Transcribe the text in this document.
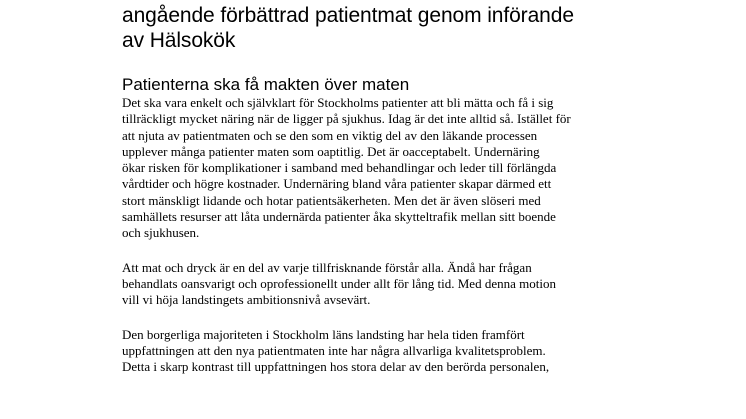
angående förbättrad patientmat genom införande
av Hälsokök
Patienterna ska få makten över maten

Det ska vara enkelt och självklart för Stockholms patienter att bli mätta och få i sig
tillräckligt mycket näring när de ligger på sjukhus. Idag är det inte alltid så. Istället för
att njuta av patientmaten och se den som en viktig del av den läkande processen
upplever många patienter maten som oaptitlig. Det är oacceptabelt. Undernäring
ökar risken för komplikationer i samband med behandlingar och leder till förlängda
vårdtider och högre kostnader. Undernäring bland våra patienter skapar därmed ett
stort mänskligt lidande och hotar patientsäkerheten. Men det är även slöseri med
samhällets resurser att låta undernärda patienter åka skytteltrafik mellan sitt boende
och sjukhusen.

Att mat och dryck är en del av varje tillfrisknande förstår alla. Ändå har frågan
behandlats oansvarigt och oprofessionellt under allt för lång tid. Med denna motion
vill vi höja landstingets ambitionsnivå avsevärt.

Den borgerliga majoriteten i Stockholm läns landsting har hela tiden framfört
uppfattningen att den nya patientmaten inte har några allvarliga kvalitetsproblem.
Detta i skarp kontrast till uppfattningen hos stora delar av den berörda personalen,
